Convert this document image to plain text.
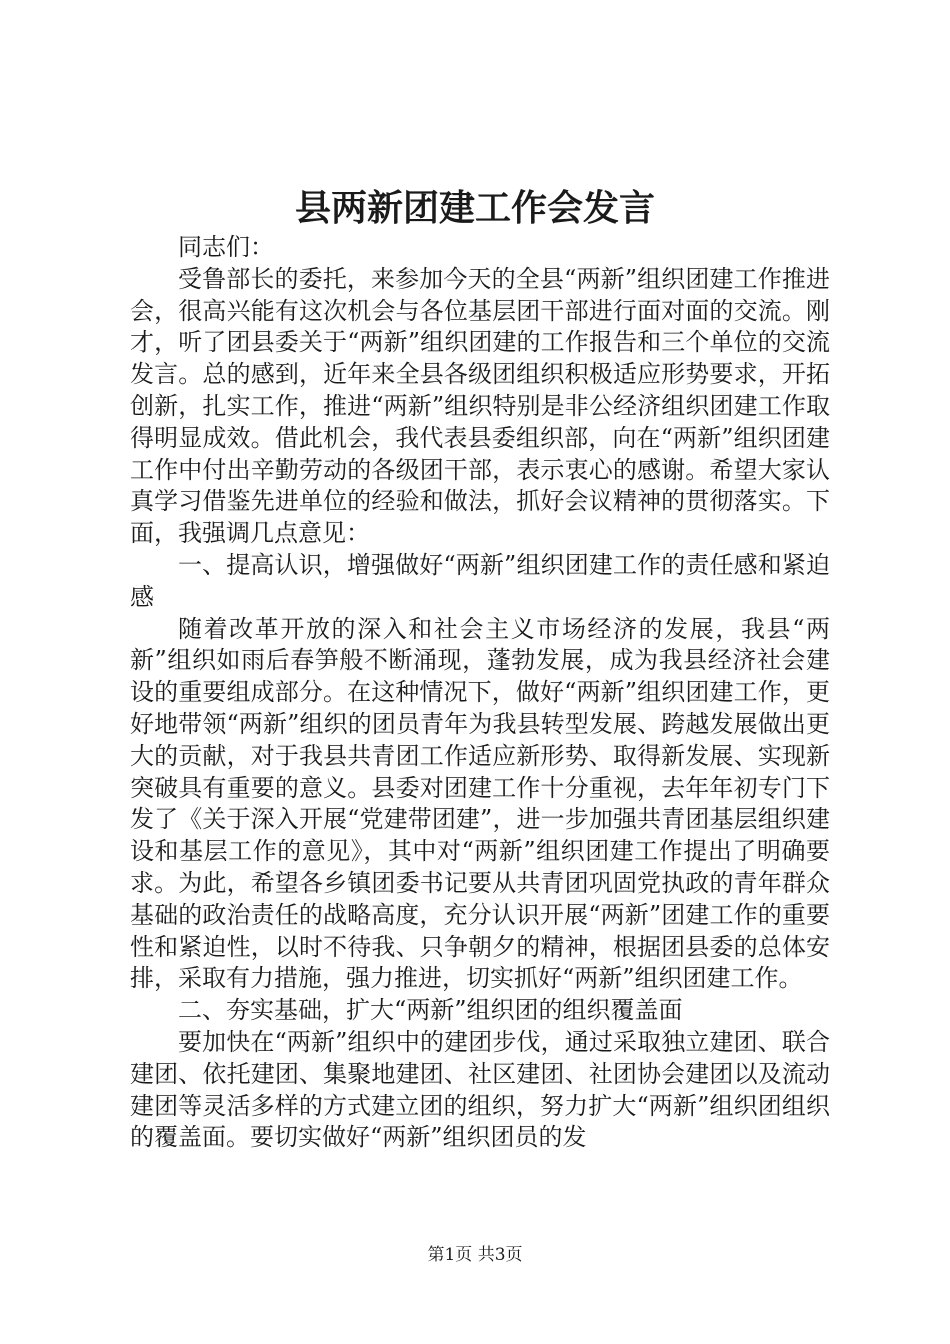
县两新团建工作会发言

同志们：

受鲁部长的委托，来参加今天的全县“两新”组织团建工作推进会，很高兴能有这次机会与各位基层团干部进行面对面的交流。刚才，听了团县委关于“两新”组织团建的工作报告和三个单位的交流发言。总的感到，近年来全县各级团组织积极适应形势要求，开拓创新，扎实工作，推进“两新”组织特别是非公经济组织团建工作取得明显成效。借此机会，我代表县委组织部，向在“两新”组织团建工作中付出辛勤劳动的各级团干部，表示衷心的感谢。希望大家认真学习借鉴先进单位的经验和做法，抓好会议精神的贯彻落实。下面，我强调几点意见：

一、提高认识，增强做好“两新”组织团建工作的责任感和紧迫感

随着改革开放的深入和社会主义市场经济的发展，我县“两新”组织如雨后春笋般不断涌现，蓬勃发展，成为我县经济社会建设的重要组成部分。在这种情况下，做好“两新”组织团建工作，更好地带领“两新”组织的团员青年为我县转型发展、跨越发展做出更大的贡献，对于我县共青团工作适应新形势、取得新发展、实现新突破具有重要的意义。县委对团建工作十分重视，去年年初专门下发了《关于深入开展“党建带团建”，进一步加强共青团基层组织建设和基层工作的意见》，其中对“两新”组织团建工作提出了明确要求。为此，希望各乡镇团委书记要从共青团巩固党执政的青年群众基础的政治责任的战略高度，充分认识开展“两新”团建工作的重要性和紧迫性，以时不待我、只争朝夕的精神，根据团县委的总体安排，采取有力措施，强力推进，切实抓好“两新”组织团建工作。

二、夯实基础，扩大“两新”组织团的组织覆盖面

要加快在“两新”组织中的建团步伐，通过采取独立建团、联合建团、依托建团、集聚地建团、社区建团、社团协会建团以及流动建团等灵活多样的方式建立团的组织，努力扩大“两新”组织团组织的覆盖面。要切实做好“两新”组织团员的发

第1页 共3页
